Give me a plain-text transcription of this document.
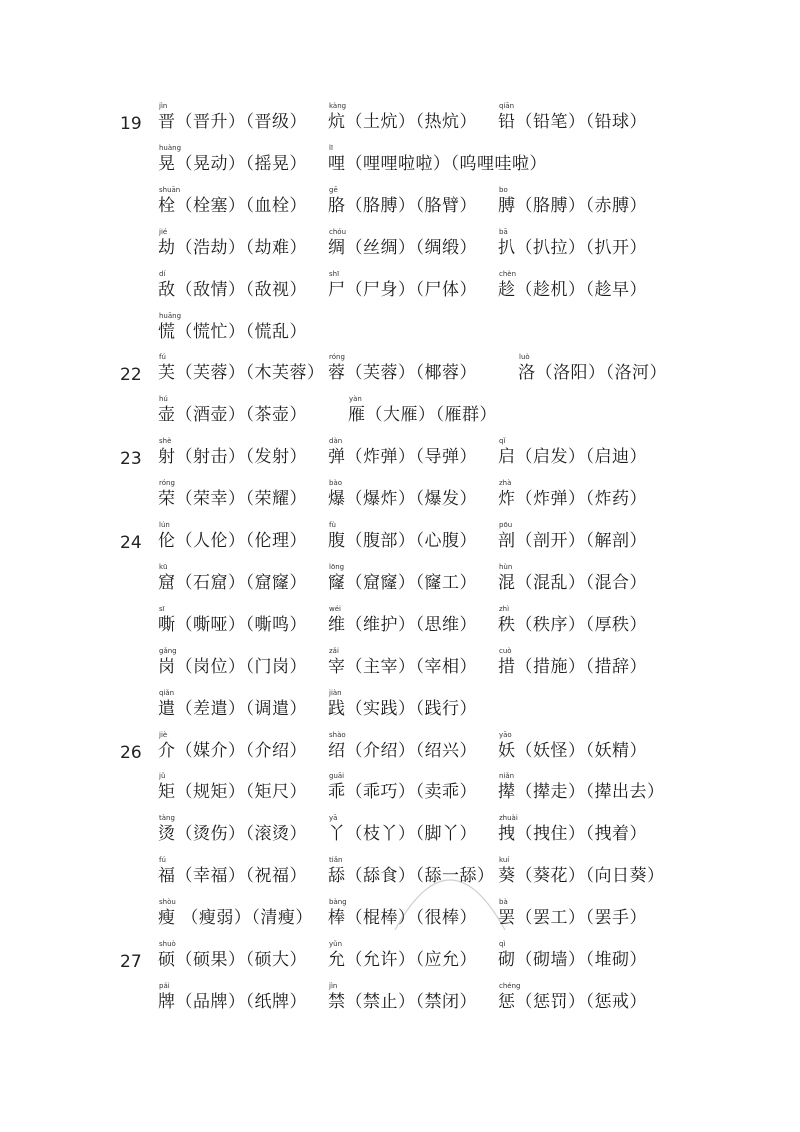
19
jìn
晋（晋升）（晋级）
kàng
炕（土炕）（热炕）
qiān
铅（铅笔）（铅球）
huàng
晃（晃动）（摇晃）
lī
哩（哩哩啦啦）（呜哩哇啦）
shuān
栓（栓塞）（血栓）
gē
胳（胳膊）（胳臂）
bo
膊（胳膊）（赤膊）
jié
劫（浩劫）（劫难）
chóu
绸（丝绸）（绸缎）
bā
扒（扒拉）（扒开）
dí
敌（敌情）（敌视）
shī
尸（尸身）（尸体）
chèn
趁（趁机）（趁早）
huāng
慌（慌忙）（慌乱）
22
fú
芙（芙蓉）（木芙蓉）
róng
蓉（芙蓉）（椰蓉）
luò
洛（洛阳）（洛河）
hú
壶（酒壶）（茶壶）
yàn
雁（大雁）（雁群）
23
shè
射（射击）（发射）
dàn
弹（炸弹）（导弹）
qǐ
启（启发）（启迪）
róng
荣（荣幸）（荣耀）
bào
爆（爆炸）（爆发）
zhà
炸（炸弹）（炸药）
24
lún
伦（人伦）（伦理）
fù
腹（腹部）（心腹）
pōu
剖（剖开）（解剖）
kū
窟（石窟）（窟窿）
lōng
窿（窟窿）（窿工）
hùn
混（混乱）（混合）
sī
嘶（嘶哑）（嘶鸣）
wéi
维（维护）（思维）
zhì
秩（秩序）（厚秩）
gǎng
岗（岗位）（门岗）
zǎi
宰（主宰）（宰相）
cuò
措（措施）（措辞）
qiǎn
遣（差遣）（调遣）
jiàn
践（实践）（践行）
26
jiè
介（媒介）（介绍）
shào
绍（介绍）（绍兴）
yāo
妖（妖怪）（妖精）
jǔ
矩（规矩）（矩尺）
guāi
乖（乖巧）（卖乖）
niǎn
撵（撵走）（撵出去）
tàng
烫（烫伤）（滚烫）
yā
丫（枝丫）（脚丫）
zhuài
拽（拽住）（拽着）
fú
福（幸福）（祝福）
tiǎn
舔（舔食）（舔一舔）
kuí
葵（葵花）（向日葵）
shòu
瘦 （瘦弱）（清瘦）
bàng
棒（棍棒）（很棒）
bà
罢（罢工）（罢手）
27
shuò
硕（硕果）（硕大）
yǔn
允（允许）（应允）
qì
砌（砌墙）（堆砌）
pái
牌（品牌）（纸牌）
jìn
禁（禁止）（禁闭）
chéng
惩（惩罚）（惩戒）
